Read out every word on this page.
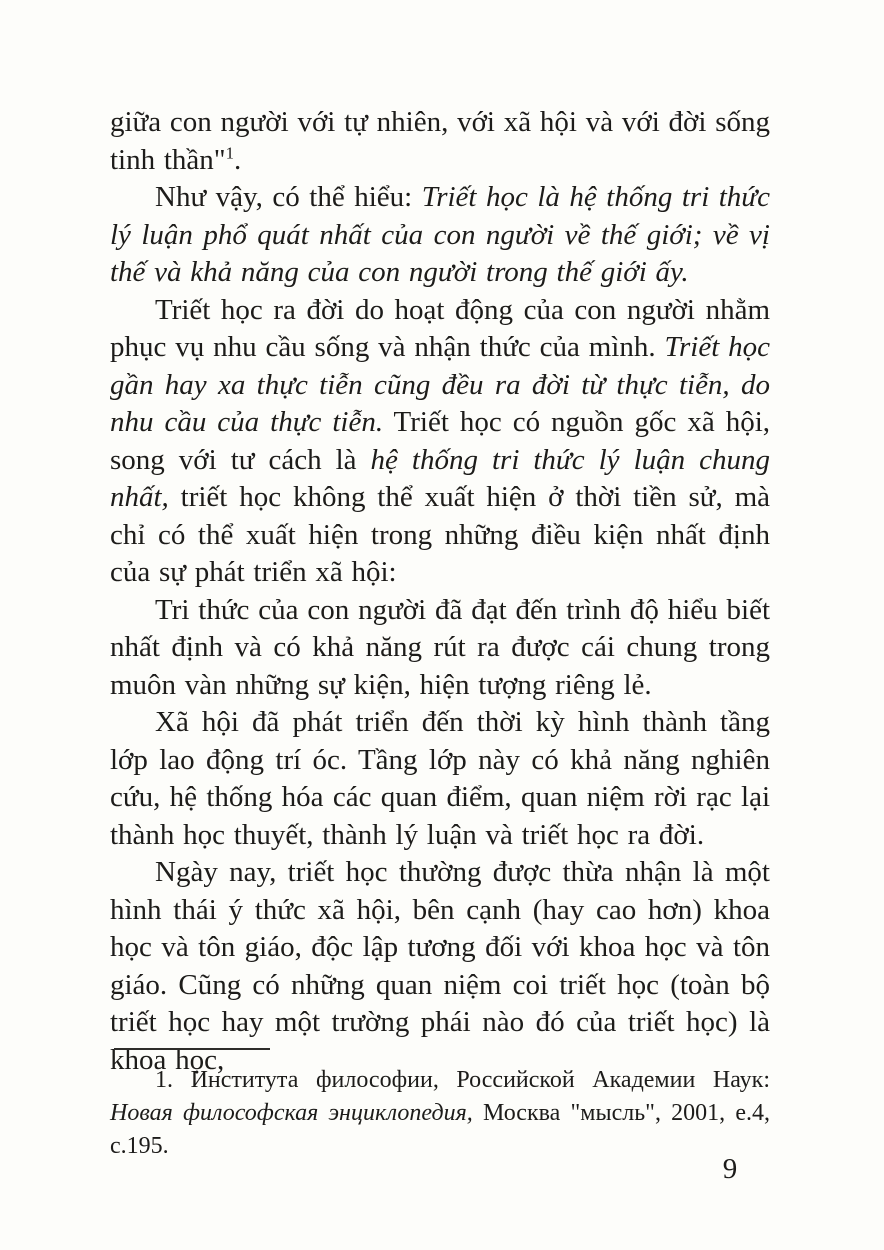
giữa con người với tự nhiên, với xã hội và với đời sống tinh thần"$^1$.

Như vậy, có thể hiểu: Triết học là hệ thống tri thức lý luận phổ quát nhất của con người về thế giới; về vị thế và khả năng của con người trong thế giới ấy.

Triết học ra đời do hoạt động của con người nhằm phục vụ nhu cầu sống và nhận thức của mình. Triết học gần hay xa thực tiễn cũng đều ra đời từ thực tiễn, do nhu cầu của thực tiễn. Triết học có nguồn gốc xã hội, song với tư cách là hệ thống tri thức lý luận chung nhất, triết học không thể xuất hiện ở thời tiền sử, mà chỉ có thể xuất hiện trong những điều kiện nhất định của sự phát triển xã hội:

Tri thức của con người đã đạt đến trình độ hiểu biết nhất định và có khả năng rút ra được cái chung trong muôn vàn những sự kiện, hiện tượng riêng lẻ.

Xã hội đã phát triển đến thời kỳ hình thành tầng lớp lao động trí óc. Tầng lớp này có khả năng nghiên cứu, hệ thống hóa các quan điểm, quan niệm rời rạc lại thành học thuyết, thành lý luận và triết học ra đời.

Ngày nay, triết học thường được thừa nhận là một hình thái ý thức xã hội, bên cạnh (hay cao hơn) khoa học và tôn giáo, độc lập tương đối với khoa học và tôn giáo. Cũng có những quan niệm coi triết học (toàn bộ triết học hay một trường phái nào đó của triết học) là khoa học,

1. Института философии, Российской Академии Наук: Новая философская энциклопедия, Москва "мысль", 2001, e.4, c.195.

9
